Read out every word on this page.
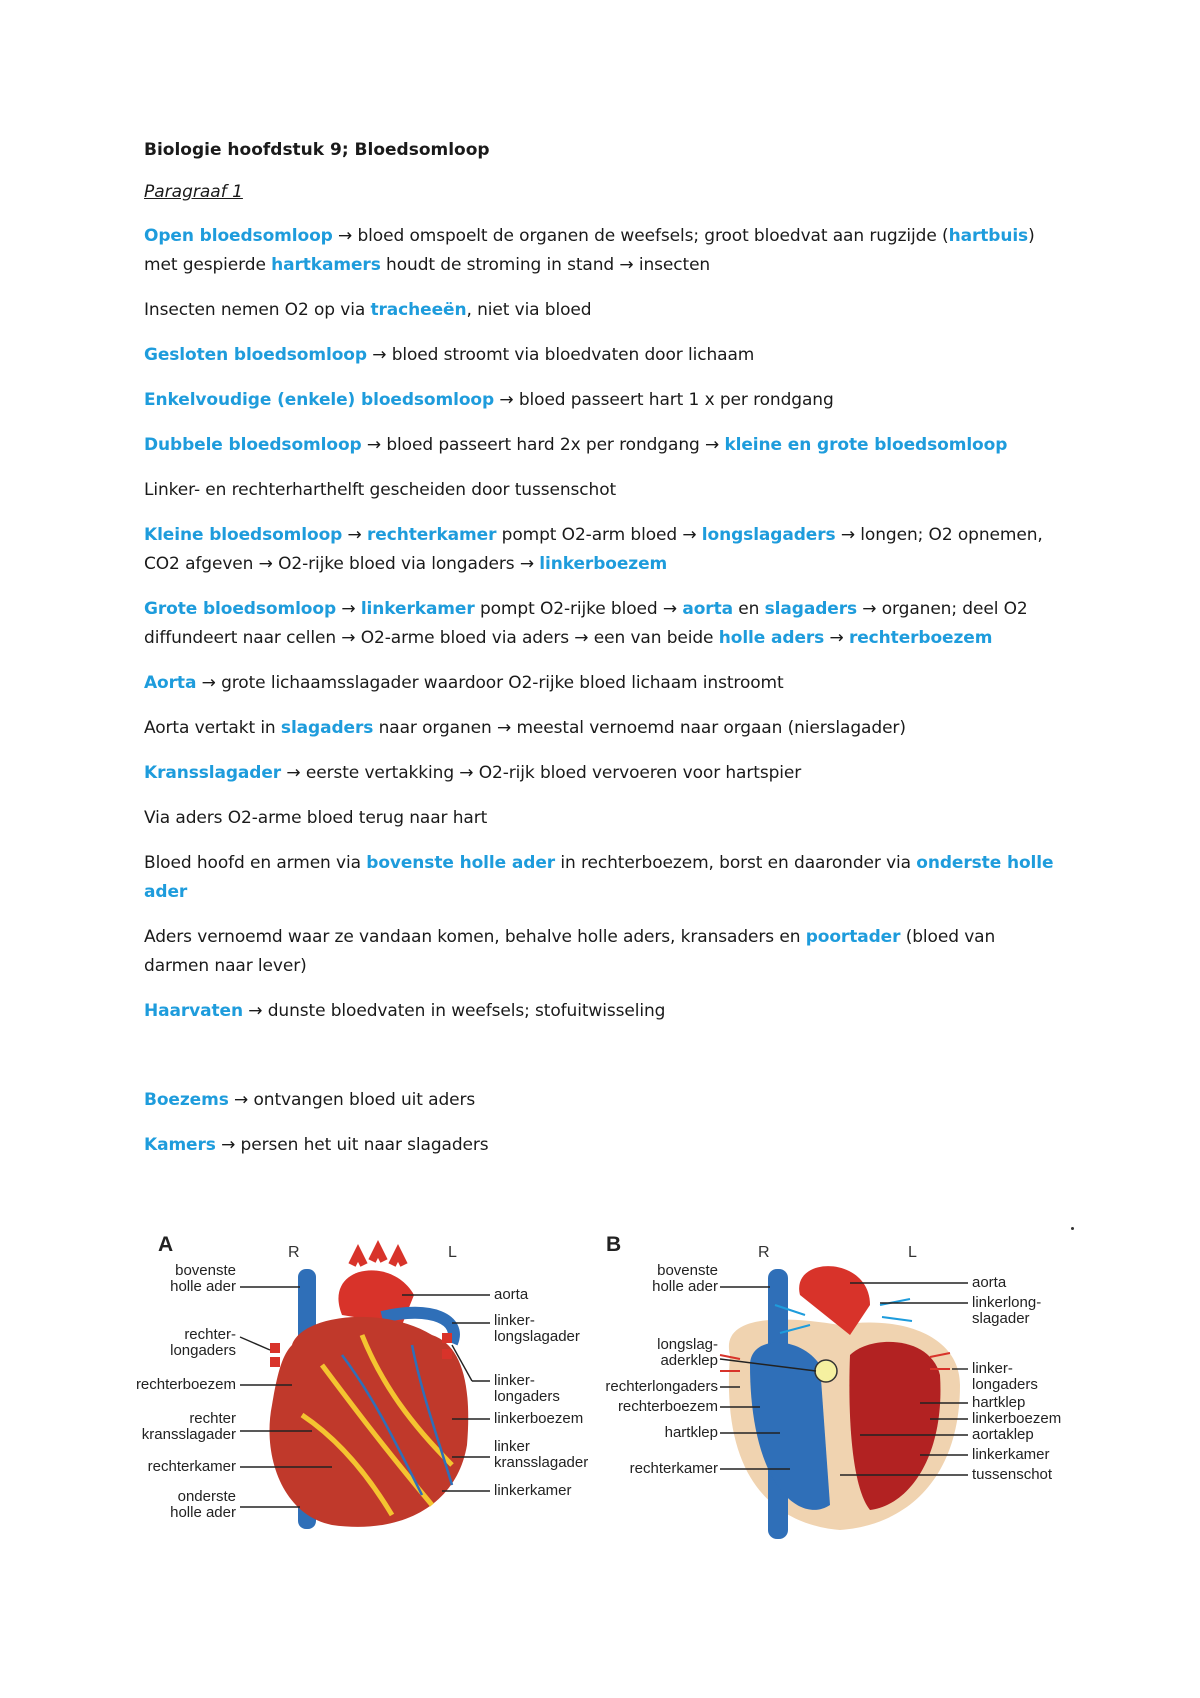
Biologie hoofdstuk 9; Bloedsomloop

Paragraaf 1

Open bloedsomloop → bloed omspoelt de organen de weefsels; groot bloedvat aan rugzijde (hartbuis) met gespierde hartkamers houdt de stroming in stand → insecten

Insecten nemen O2 op via tracheeën, niet via bloed

Gesloten bloedsomloop → bloed stroomt via bloedvaten door lichaam

Enkelvoudige (enkele) bloedsomloop → bloed passeert hart 1 x per rondgang

Dubbele bloedsomloop → bloed passeert hard 2x per rondgang → kleine en grote bloedsomloop

Linker- en rechterharthelft gescheiden door tussenschot

Kleine bloedsomloop → rechterkamer pompt O2-arm bloed → longslagaders → longen; O2 opnemen, CO2 afgeven → O2-rijke bloed via longaders → linkerboezem

Grote bloedsomloop → linkerkamer pompt O2-rijke bloed → aorta en slagaders → organen; deel O2 diffundeert naar cellen → O2-arme bloed via aders → een van beide holle aders → rechterboezem

Aorta → grote lichaamsslagader waardoor O2-rijke bloed lichaam instroomt

Aorta vertakt in slagaders naar organen → meestal vernoemd naar orgaan (nierslagader)

Kransslagader → eerste vertakking → O2-rijk bloed vervoeren voor hartspier

Via aders O2-arme bloed terug naar hart

Bloed hoofd en armen via bovenste holle ader in rechterboezem, borst en daaronder via onderste holle ader

Aders vernoemd waar ze vandaan komen, behalve holle aders, kransaders en poortader (bloed van darmen naar lever)

Haarvaten → dunste bloedvaten in weefsels; stofuitwisseling

Boezems → ontvangen bloed uit aders

Kamers → persen het uit naar slagaders

A	R	L
bovenste
holle ader
rechter-
longaders
rechterboezem
rechter
kransslagader
rechterkamer
onderste
holle ader
aorta
linker-
longslagader
linker-
longaders
linkerboezem
linker
kransslagader
linkerkamer
B	R	L
bovenste
holle ader
longslag-
aderklep
rechterlongaders
rechterboezem
hartklep
rechterkamer
aorta
linkerlong-
slagader
linker-
longaders
hartklep
linkerboezem
aortaklep
linkerkamer
tussenschot
